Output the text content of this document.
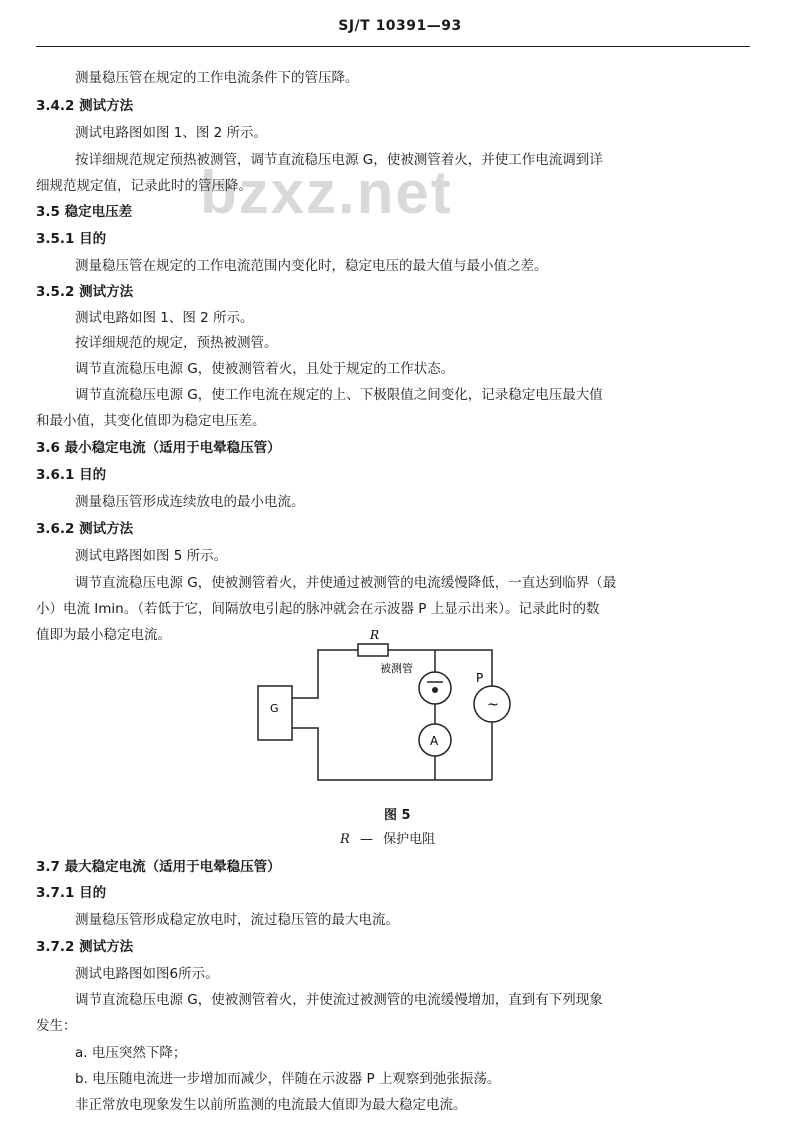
SJ/T 10391—93
bzxz.net
测量稳压管在规定的工作电流条件下的管压降。
3.4.2 测试方法
测试电路图如图 1、图 2 所示。
按详细规范规定预热被测管，调节直流稳压电源 G，使被测管着火，并使工作电流调到详
细规范规定值，记录此时的管压降。
3.5 稳定电压差
3.5.1 目的
测量稳压管在规定的工作电流范围内变化时，稳定电压的最大值与最小值之差。
3.5.2 测试方法
测试电路如图 1、图 2 所示。
按详细规范的规定，预热被测管。
调节直流稳压电源 G，使被测管着火，且处于规定的工作状态。
调节直流稳压电源 G，使工作电流在规定的上、下极限值之间变化，记录稳定电压最大值
和最小值，其变化值即为稳定电压差。
3.6 最小稳定电流（适用于电晕稳压管）
3.6.1 目的
测量稳压管形成连续放电的最小电流。
3.6.2 测试方法
测试电路图如图 5 所示。
调节直流稳压电源 G，使被测管着火，并使通过被测管的电流缓慢降低，一直达到临界（最
小）电流 Imin。（若低于它，间隔放电引起的脉冲就会在示波器 P 上显示出来）。记录此时的数
值即为最小稳定电流。	R
被测管
P
~
G
A
图 5
R — 保护电阻
3.7 最大稳定电流（适用于电晕稳压管）
3.7.1 目的
测量稳压管形成稳定放电时，流过稳压管的最大电流。
3.7.2 测试方法
测试电路图如图6所示。
调节直流稳压电源 G，使被测管着火，并使流过被测管的电流缓慢增加，直到有下列现象
发生：
a. 电压突然下降；
b. 电压随电流进一步增加而减少，伴随在示波器 P 上观察到弛张振荡。
非正常放电现象发生以前所监测的电流最大值即为最大稳定电流。
